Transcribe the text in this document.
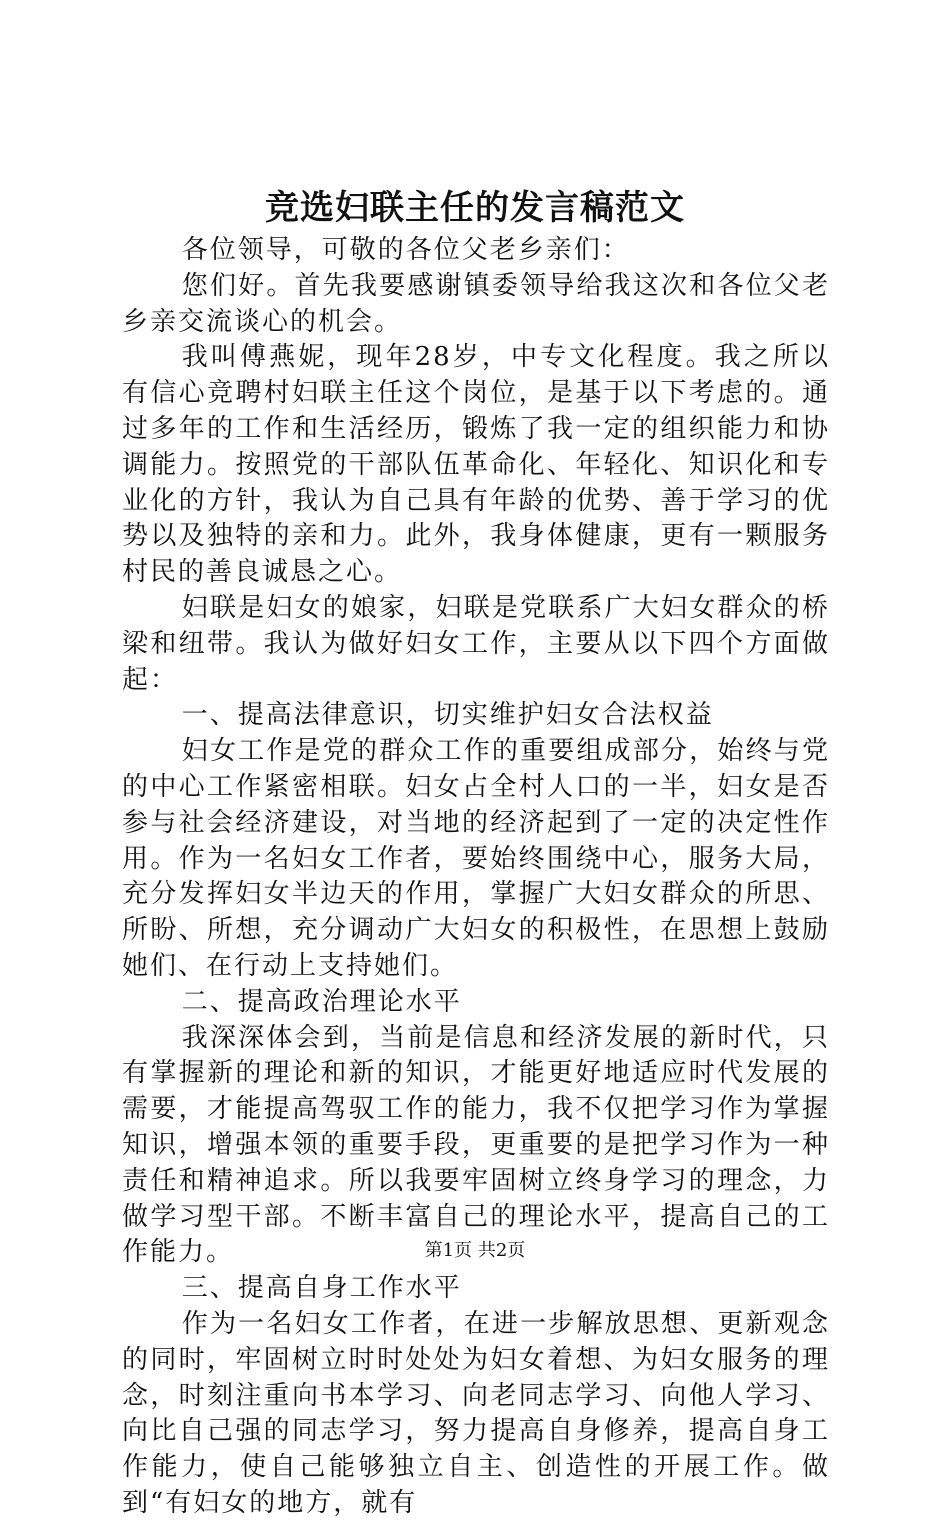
竞选妇联主任的发言稿范文

各位领导，可敬的各位父老乡亲们：

您们好。首先我要感谢镇委领导给我这次和各位父老乡亲交流谈心的机会。

我叫傅燕妮，现年28岁，中专文化程度。我之所以有信心竞聘村妇联主任这个岗位，是基于以下考虑的。通过多年的工作和生活经历，锻炼了我一定的组织能力和协调能力。按照党的干部队伍革命化、年轻化、知识化和专业化的方针，我认为自己具有年龄的优势、善于学习的优势以及独特的亲和力。此外，我身体健康，更有一颗服务村民的善良诚恳之心。

妇联是妇女的娘家，妇联是党联系广大妇女群众的桥梁和纽带。我认为做好妇女工作，主要从以下四个方面做起：

一、提高法律意识，切实维护妇女合法权益

妇女工作是党的群众工作的重要组成部分，始终与党的中心工作紧密相联。妇女占全村人口的一半，妇女是否参与社会经济建设，对当地的经济起到了一定的决定性作用。作为一名妇女工作者，要始终围绕中心，服务大局，充分发挥妇女半边天的作用，掌握广大妇女群众的所思、所盼、所想，充分调动广大妇女的积极性，在思想上鼓励她们、在行动上支持她们。

二、提高政治理论水平

我深深体会到，当前是信息和经济发展的新时代，只有掌握新的理论和新的知识，才能更好地适应时代发展的需要，才能提高驾驭工作的能力，我不仅把学习作为掌握知识，增强本领的重要手段，更重要的是把学习作为一种责任和精神追求。所以我要牢固树立终身学习的理念，力做学习型干部。不断丰富自己的理论水平，提高自己的工作能力。

三、提高自身工作水平

作为一名妇女工作者，在进一步解放思想、更新观念的同时，牢固树立时时处处为妇女着想、为妇女服务的理念，时刻注重向书本学习、向老同志学习、向他人学习、向比自己强的同志学习，努力提高自身修养，提高自身工作能力，使自己能够独立自主、创造性的开展工作。做到“有妇女的地方，就有

第1页 共2页
